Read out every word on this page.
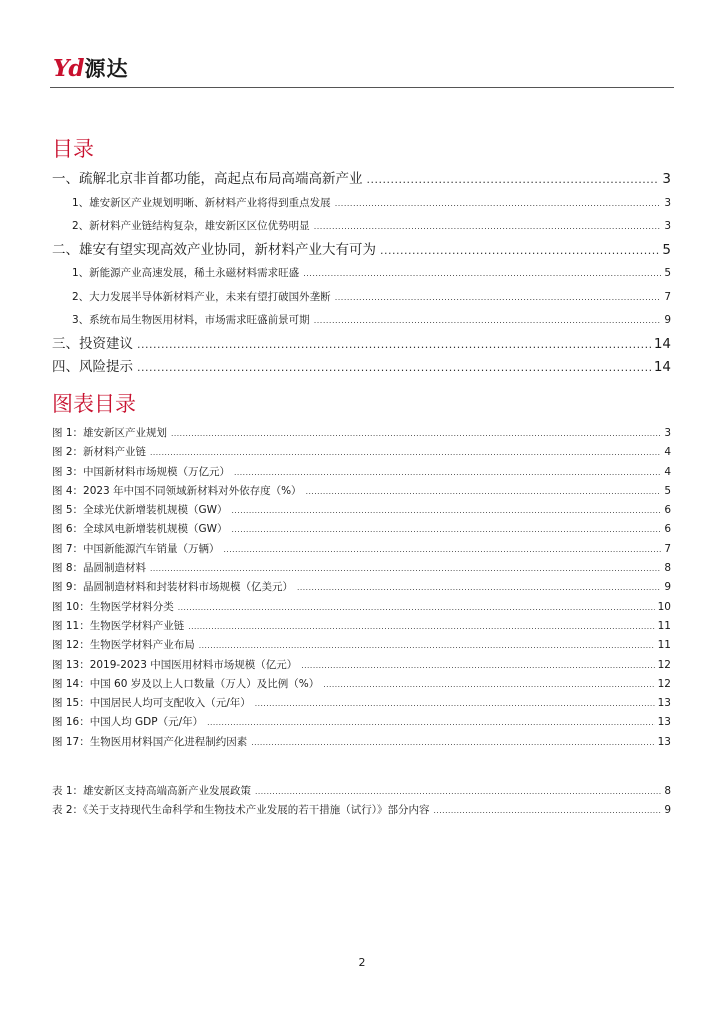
Yd 源达
目录
一、疏解北京非首都功能，高起点布局高端高新产业 .....	3
1、雄安新区产业规划明晰、新材料产业将得到重点发展 .....	3
2、新材料产业链结构复杂，雄安新区区位优势明显 .....	3
二、雄安有望实现高效产业协同，新材料产业大有可为 .....	5
1、新能源产业高速发展，稀土永磁材料需求旺盛 .....	5
2、大力发展半导体新材料产业，未来有望打破国外垄断 .....	7
3、系统布局生物医用材料，市场需求旺盛前景可期 .....	9
三、投资建议 .....	14
四、风险提示 .....	14
图表目录
图 1：雄安新区产业规划 .....	3
图 2：新材料产业链 .....	4
图 3：中国新材料市场规模（万亿元） .....	4
图 4：2023 年中国不同领域新材料对外依存度（%） .....	5
图 5：全球光伏新增装机规模（GW） .....	6
图 6：全球风电新增装机规模（GW） .....	6
图 7：中国新能源汽车销量（万辆） .....	7
图 8：晶圆制造材料 .....	8
图 9：晶圆制造材料和封装材料市场规模（亿美元） .....	9
图 10：生物医学材料分类 .....	10
图 11：生物医学材料产业链 .....	11
图 12：生物医学材料产业布局 .....	11
图 13：2019-2023 中国医用材料市场规模（亿元） .....	12
图 14：中国 60 岁及以上人口数量（万人）及比例（%） .....	12
图 15：中国居民人均可支配收入（元/年） .....	13
图 16：中国人均 GDP（元/年） .....	13
图 17：生物医用材料国产化进程制约因素 .....	13
表 1：雄安新区支持高端高新产业发展政策 .....	8
表 2：《关于支持现代生命科学和生物技术产业发展的若干措施（试行）》部分内容 .....	9
2
